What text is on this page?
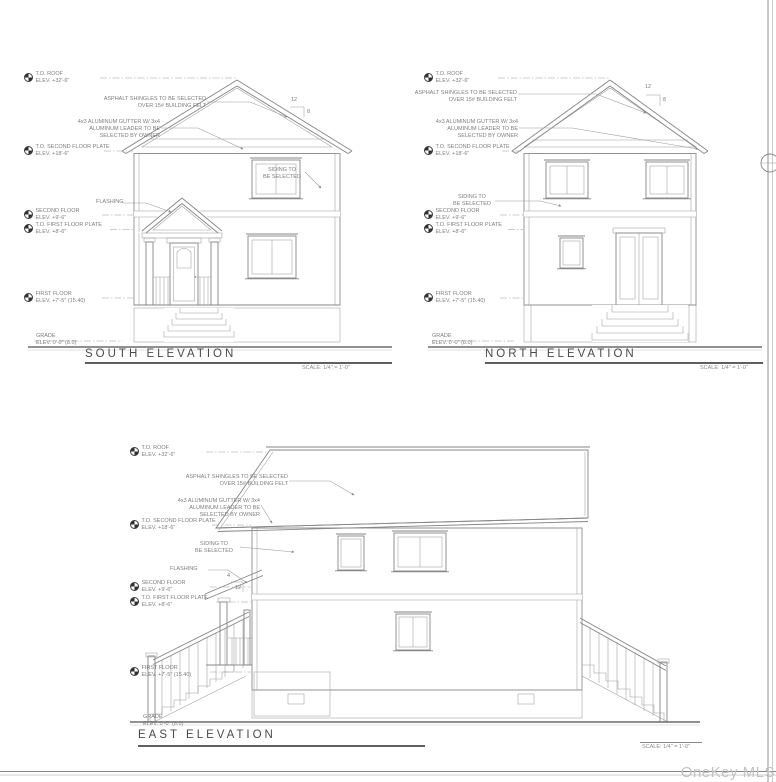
T.O. ROOF
ELEV. +32'-6"
ASPHALT SHINGLES TO BE SELECTED
OVER 15# BUILDING FELT
4x3 ALUMINUM GUTTER W/ 3x4
ALUMINUM LEADER TO BE
SELECTED BY OWNER
T.O. SECOND FLOOR PLATE
ELEV. +18'-6"
SIDING TO
BE SELECTED
FLASHING
SECOND FLOOR
ELEV. +9'-6"
T.O. FIRST FLOOR PLATE
ELEV. +8'-6"
FIRST FLOOR
ELEV. +7'-5" (15.40)
GRADE
ELEV. 0'-0" (8.0)
12
8
SOUTH ELEVATION
SCALE: 1/4" = 1'-0"
T.O. ROOF
ELEV. +32'-6"
ASPHALT SHINGLES TO BE SELECTED
OVER 15# BUILDING FELT
4x3 ALUMINUM GUTTER W/ 3x4
ALUMINUM LEADER TO BE
SELECTED BY OWNER
T.O. SECOND FLOOR PLATE
ELEV. +18'-6"
SIDING TO
BE SELECTED
SECOND FLOOR
ELEV. +9'-6"
T.O. FIRST FLOOR PLATE
ELEV. +8'-6"
FIRST FLOOR
ELEV. +7'-5" (15.40)
GRADE
ELEV. 0'-0" (8.0)
12
8
NORTH ELEVATION
SCALE: 1/4" = 1'-0"
T.O. ROOF
ELEV. +32'-6"
ASPHALT SHINGLES TO BE SELECTED
OVER 15# BUILDING FELT
4x3 ALUMINUM GUTTER W/ 3x4
ALUMINUM LEADER TO BE
SELECTED BY OWNER
T.O. SECOND FLOOR PLATE
ELEV. +18'-6"
SIDING TO
BE SELECTED
FLASHING
4
12
SECOND FLOOR
ELEV. +9'-6"
T.O. FIRST FLOOR PLATE
ELEV. +8'-6"
FIRST FLOOR
ELEV. +7'-5" (15.40)
GRADE
ELEV. 0'-0" (8.0)
EAST ELEVATION
SCALE: 1/4" = 1'-0"
OneKey MLS
